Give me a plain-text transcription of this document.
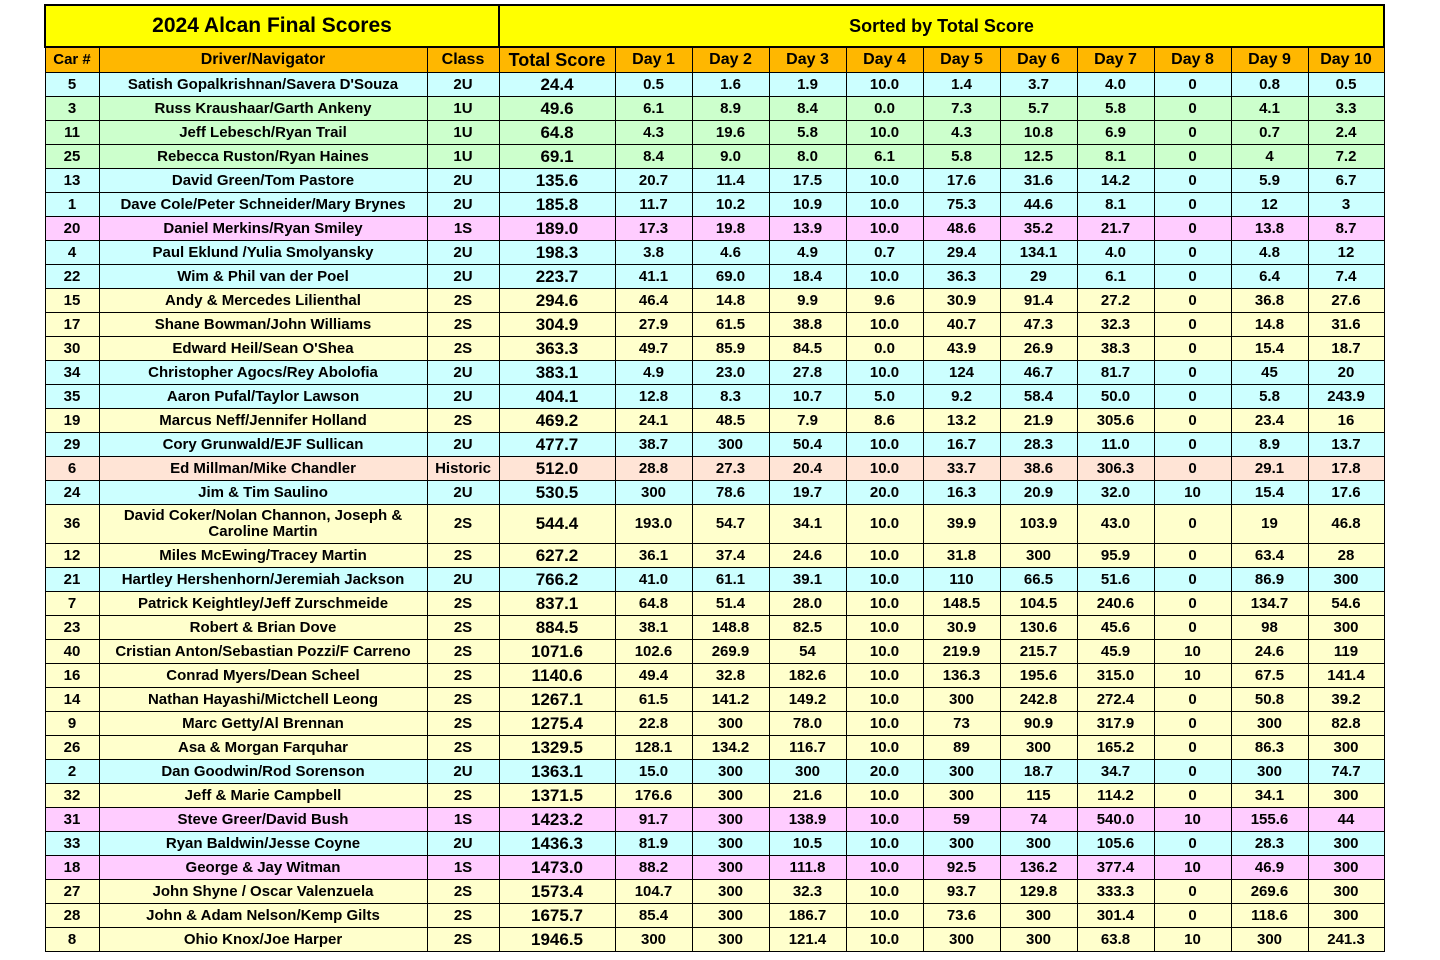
2024 Alcan Final Scores			Sorted by Total Score										
Car #	Driver/Navigator	Class	Total Score	Day 1	Day 2	Day 3	Day 4	Day 5	Day 6	Day 7	Day 8	Day 9	Day 10
5	Satish Gopalkrishnan/Savera D'Souza	2U	24.4	0.5	1.6	1.9	10.0	1.4	3.7	4.0	0	0.8	0.5
3	Russ Kraushaar/Garth Ankeny	1U	49.6	6.1	8.9	8.4	0.0	7.3	5.7	5.8	0	4.1	3.3
11	Jeff Lebesch/Ryan Trail	1U	64.8	4.3	19.6	5.8	10.0	4.3	10.8	6.9	0	0.7	2.4
25	Rebecca Ruston/Ryan Haines	1U	69.1	8.4	9.0	8.0	6.1	5.8	12.5	8.1	0	4	7.2
13	David Green/Tom Pastore	2U	135.6	20.7	11.4	17.5	10.0	17.6	31.6	14.2	0	5.9	6.7
1	Dave Cole/Peter Schneider/Mary Brynes	2U	185.8	11.7	10.2	10.9	10.0	75.3	44.6	8.1	0	12	3
20	Daniel Merkins/Ryan Smiley	1S	189.0	17.3	19.8	13.9	10.0	48.6	35.2	21.7	0	13.8	8.7
4	Paul Eklund /Yulia Smolyansky	2U	198.3	3.8	4.6	4.9	0.7	29.4	134.1	4.0	0	4.8	12
22	Wim & Phil van der Poel	2U	223.7	41.1	69.0	18.4	10.0	36.3	29	6.1	0	6.4	7.4
15	Andy & Mercedes Lilienthal	2S	294.6	46.4	14.8	9.9	9.6	30.9	91.4	27.2	0	36.8	27.6
17	Shane Bowman/John Williams	2S	304.9	27.9	61.5	38.8	10.0	40.7	47.3	32.3	0	14.8	31.6
30	Edward Heil/Sean O'Shea	2S	363.3	49.7	85.9	84.5	0.0	43.9	26.9	38.3	0	15.4	18.7
34	Christopher Agocs/Rey Abolofia	2U	383.1	4.9	23.0	27.8	10.0	124	46.7	81.7	0	45	20
35	Aaron Pufal/Taylor Lawson	2U	404.1	12.8	8.3	10.7	5.0	9.2	58.4	50.0	0	5.8	243.9
19	Marcus Neff/Jennifer Holland	2S	469.2	24.1	48.5	7.9	8.6	13.2	21.9	305.6	0	23.4	16
29	Cory Grunwald/EJF Sullican	2U	477.7	38.7	300	50.4	10.0	16.7	28.3	11.0	0	8.9	13.7
6	Ed Millman/Mike Chandler	Historic	512.0	28.8	27.3	20.4	10.0	33.7	38.6	306.3	0	29.1	17.8
24	Jim & Tim Saulino	2U	530.5	300	78.6	19.7	20.0	16.3	20.9	32.0	10	15.4	17.6
36	David Coker/Nolan Channon, Joseph & Caroline Martin	2S	544.4	193.0	54.7	34.1	10.0	39.9	103.9	43.0	0	19	46.8
12	Miles McEwing/Tracey Martin	2S	627.2	36.1	37.4	24.6	10.0	31.8	300	95.9	0	63.4	28
21	Hartley Hershenhorn/Jeremiah Jackson	2U	766.2	41.0	61.1	39.1	10.0	110	66.5	51.6	0	86.9	300
7	Patrick Keightley/Jeff Zurschmeide	2S	837.1	64.8	51.4	28.0	10.0	148.5	104.5	240.6	0	134.7	54.6
23	Robert & Brian Dove	2S	884.5	38.1	148.8	82.5	10.0	30.9	130.6	45.6	0	98	300
40	Cristian Anton/Sebastian Pozzi/F Carreno	2S	1071.6	102.6	269.9	54	10.0	219.9	215.7	45.9	10	24.6	119
16	Conrad Myers/Dean Scheel	2S	1140.6	49.4	32.8	182.6	10.0	136.3	195.6	315.0	10	67.5	141.4
14	Nathan Hayashi/Mictchell Leong	2S	1267.1	61.5	141.2	149.2	10.0	300	242.8	272.4	0	50.8	39.2
9	Marc Getty/Al Brennan	2S	1275.4	22.8	300	78.0	10.0	73	90.9	317.9	0	300	82.8
26	Asa & Morgan Farquhar	2S	1329.5	128.1	134.2	116.7	10.0	89	300	165.2	0	86.3	300
2	Dan Goodwin/Rod Sorenson	2U	1363.1	15.0	300	300	20.0	300	18.7	34.7	0	300	74.7
32	Jeff & Marie Campbell	2S	1371.5	176.6	300	21.6	10.0	300	115	114.2	0	34.1	300
31	Steve Greer/David Bush	1S	1423.2	91.7	300	138.9	10.0	59	74	540.0	10	155.6	44
33	Ryan Baldwin/Jesse Coyne	2U	1436.3	81.9	300	10.5	10.0	300	300	105.6	0	28.3	300
18	George & Jay Witman	1S	1473.0	88.2	300	111.8	10.0	92.5	136.2	377.4	10	46.9	300
27	John Shyne / Oscar Valenzuela	2S	1573.4	104.7	300	32.3	10.0	93.7	129.8	333.3	0	269.6	300
28	John & Adam Nelson/Kemp Gilts	2S	1675.7	85.4	300	186.7	10.0	73.6	300	301.4	0	118.6	300
8	Ohio Knox/Joe Harper	2S	1946.5	300	300	121.4	10.0	300	300	63.8	10	300	241.3
